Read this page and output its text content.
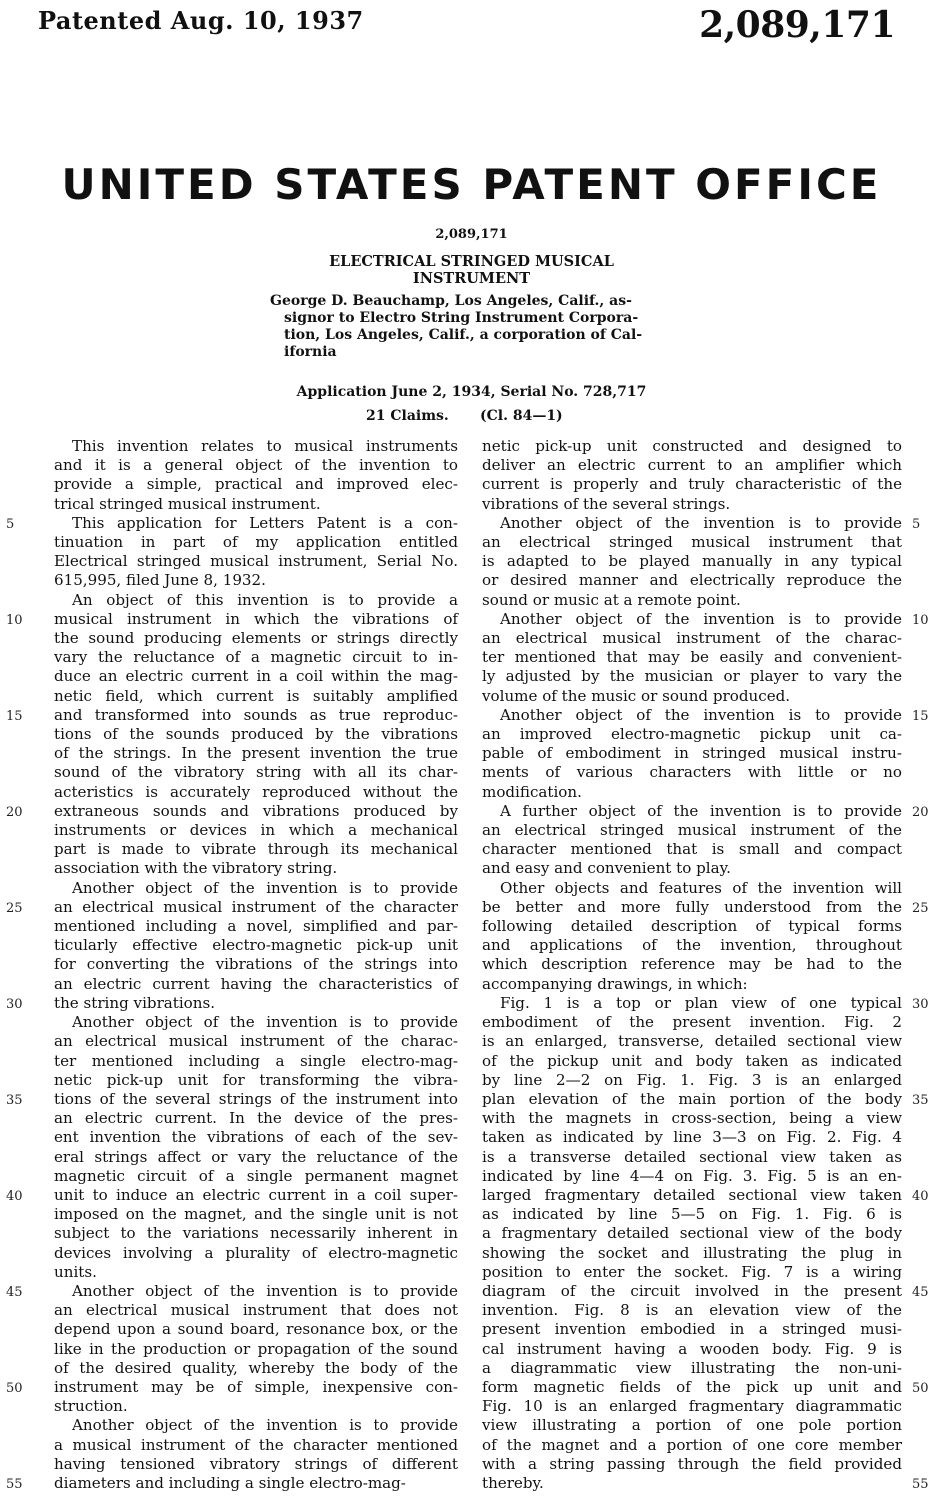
Patented Aug. 10, 1937	2,089,171
UNITED STATES PATENT OFFICE
2,089,171
ELECTRICAL STRINGED MUSICAL
INSTRUMENT
George D. Beauchamp, Los Angeles, Calif., as-
signor to Electro String Instrument Corpora-
tion, Los Angeles, Calif., a corporation of Cal-
ifornia
Application June 2, 1934, Serial No. 728,717
21 Claims. (Cl. 84—1)

This invention relates to musical instruments
and it is a general object of the invention to
provide a simple, practical and improved elec-
trical stringed musical instrument.

This application for Letters Patent is a con-
tinuation in part of my application entitled
Electrical stringed musical instrument, Serial No.
615,995, filed June 8, 1932.

An object of this invention is to provide a
musical instrument in which the vibrations of
the sound producing elements or strings directly
vary the reluctance of a magnetic circuit to in-
duce an electric current in a coil within the mag-
netic field, which current is suitably amplified
and transformed into sounds as true reproduc-
tions of the sounds produced by the vibrations
of the strings. In the present invention the true
sound of the vibratory string with all its char-
acteristics is accurately reproduced without the
extraneous sounds and vibrations produced by
instruments or devices in which a mechanical
part is made to vibrate through its mechanical
association with the vibratory string.

Another object of the invention is to provide
an electrical musical instrument of the character
mentioned including a novel, simplified and par-
ticularly effective electro-magnetic pick-up unit
for converting the vibrations of the strings into
an electric current having the characteristics of
the string vibrations.

Another object of the invention is to provide
an electrical musical instrument of the charac-
ter mentioned including a single electro-mag-
netic pick-up unit for transforming the vibra-
tions of the several strings of the instrument into
an electric current. In the device of the pres-
ent invention the vibrations of each of the sev-
eral strings affect or vary the reluctance of the
magnetic circuit of a single permanent magnet
unit to induce an electric current in a coil super-
imposed on the magnet, and the single unit is not
subject to the variations necessarily inherent in
devices involving a plurality of electro-magnetic
units.

Another object of the invention is to provide
an electrical musical instrument that does not
depend upon a sound board, resonance box, or the
like in the production or propagation of the sound
of the desired quality, whereby the body of the
instrument may be of simple, inexpensive con-
struction.

Another object of the invention is to provide
a musical instrument of the character mentioned
having tensioned vibratory strings of different
diameters and including a single electro-mag-

netic pick-up unit constructed and designed to
deliver an electric current to an amplifier which
current is properly and truly characteristic of the
vibrations of the several strings.

Another object of the invention is to provide
an electrical stringed musical instrument that
is adapted to be played manually in any typical
or desired manner and electrically reproduce the
sound or music at a remote point.

Another object of the invention is to provide
an electrical musical instrument of the charac-
ter mentioned that may be easily and convenient-
ly adjusted by the musician or player to vary the
volume of the music or sound produced.

Another object of the invention is to provide
an improved electro-magnetic pickup unit ca-
pable of embodiment in stringed musical instru-
ments of various characters with little or no
modification.

A further object of the invention is to provide
an electrical stringed musical instrument of the
character mentioned that is small and compact
and easy and convenient to play.

Other objects and features of the invention will
be better and more fully understood from the
following detailed description of typical forms
and applications of the invention, throughout
which description reference may be had to the
accompanying drawings, in which:

Fig. 1 is a top or plan view of one typical
embodiment of the present invention. Fig. 2
is an enlarged, transverse, detailed sectional view
of the pickup unit and body taken as indicated
by line 2—2 on Fig. 1. Fig. 3 is an enlarged
plan elevation of the main portion of the body
with the magnets in cross-section, being a view
taken as indicated by line 3—3 on Fig. 2. Fig. 4
is a transverse detailed sectional view taken as
indicated by line 4—4 on Fig. 3. Fig. 5 is an en-
larged fragmentary detailed sectional view taken
as indicated by line 5—5 on Fig. 1. Fig. 6 is
a fragmentary detailed sectional view of the body
showing the socket and illustrating the plug in
position to enter the socket. Fig. 7 is a wiring
diagram of the circuit involved in the present
invention. Fig. 8 is an elevation view of the
present invention embodied in a stringed musi-
cal instrument having a wooden body. Fig. 9 is
a diagrammatic view illustrating the non-uni-
form magnetic fields of the pick up unit and
Fig. 10 is an enlarged fragmentary diagrammatic
view illustrating a portion of one pole portion
of the magnet and a portion of one core member
with a string passing through the field provided
thereby.

5	5
10	10
15	15
20	20
25	25
30	30
35	35
40	40
45	45
50	50
55	55
